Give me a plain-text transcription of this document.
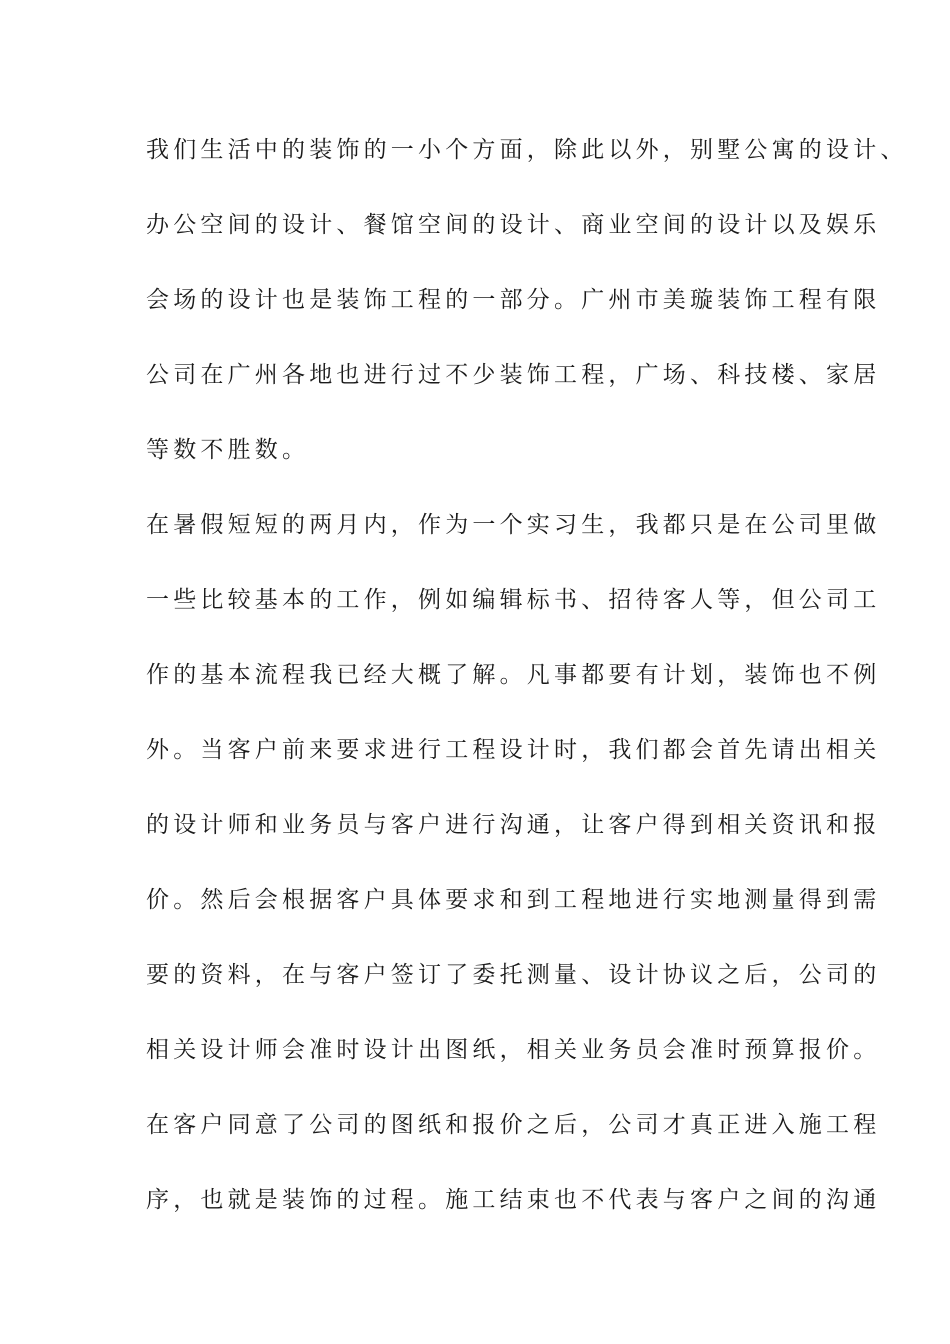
我们生活中的装饰的一小个方面，除此以外，别墅公寓的设计、
办公空间的设计、餐馆空间的设计、商业空间的设计以及娱乐
会场的设计也是装饰工程的一部分。广州市美璇装饰工程有限
公司在广州各地也进行过不少装饰工程，广场、科技楼、家居
等数不胜数。
在暑假短短的两月内，作为一个实习生，我都只是在公司里做
一些比较基本的工作，例如编辑标书、招待客人等，但公司工
作的基本流程我已经大概了解。凡事都要有计划，装饰也不例
外。当客户前来要求进行工程设计时，我们都会首先请出相关
的设计师和业务员与客户进行沟通，让客户得到相关资讯和报
价。然后会根据客户具体要求和到工程地进行实地测量得到需
要的资料，在与客户签订了委托测量、设计协议之后，公司的
相关设计师会准时设计出图纸，相关业务员会准时预算报价。
在客户同意了公司的图纸和报价之后，公司才真正进入施工程
序，也就是装饰的过程。施工结束也不代表与客户之间的沟通
